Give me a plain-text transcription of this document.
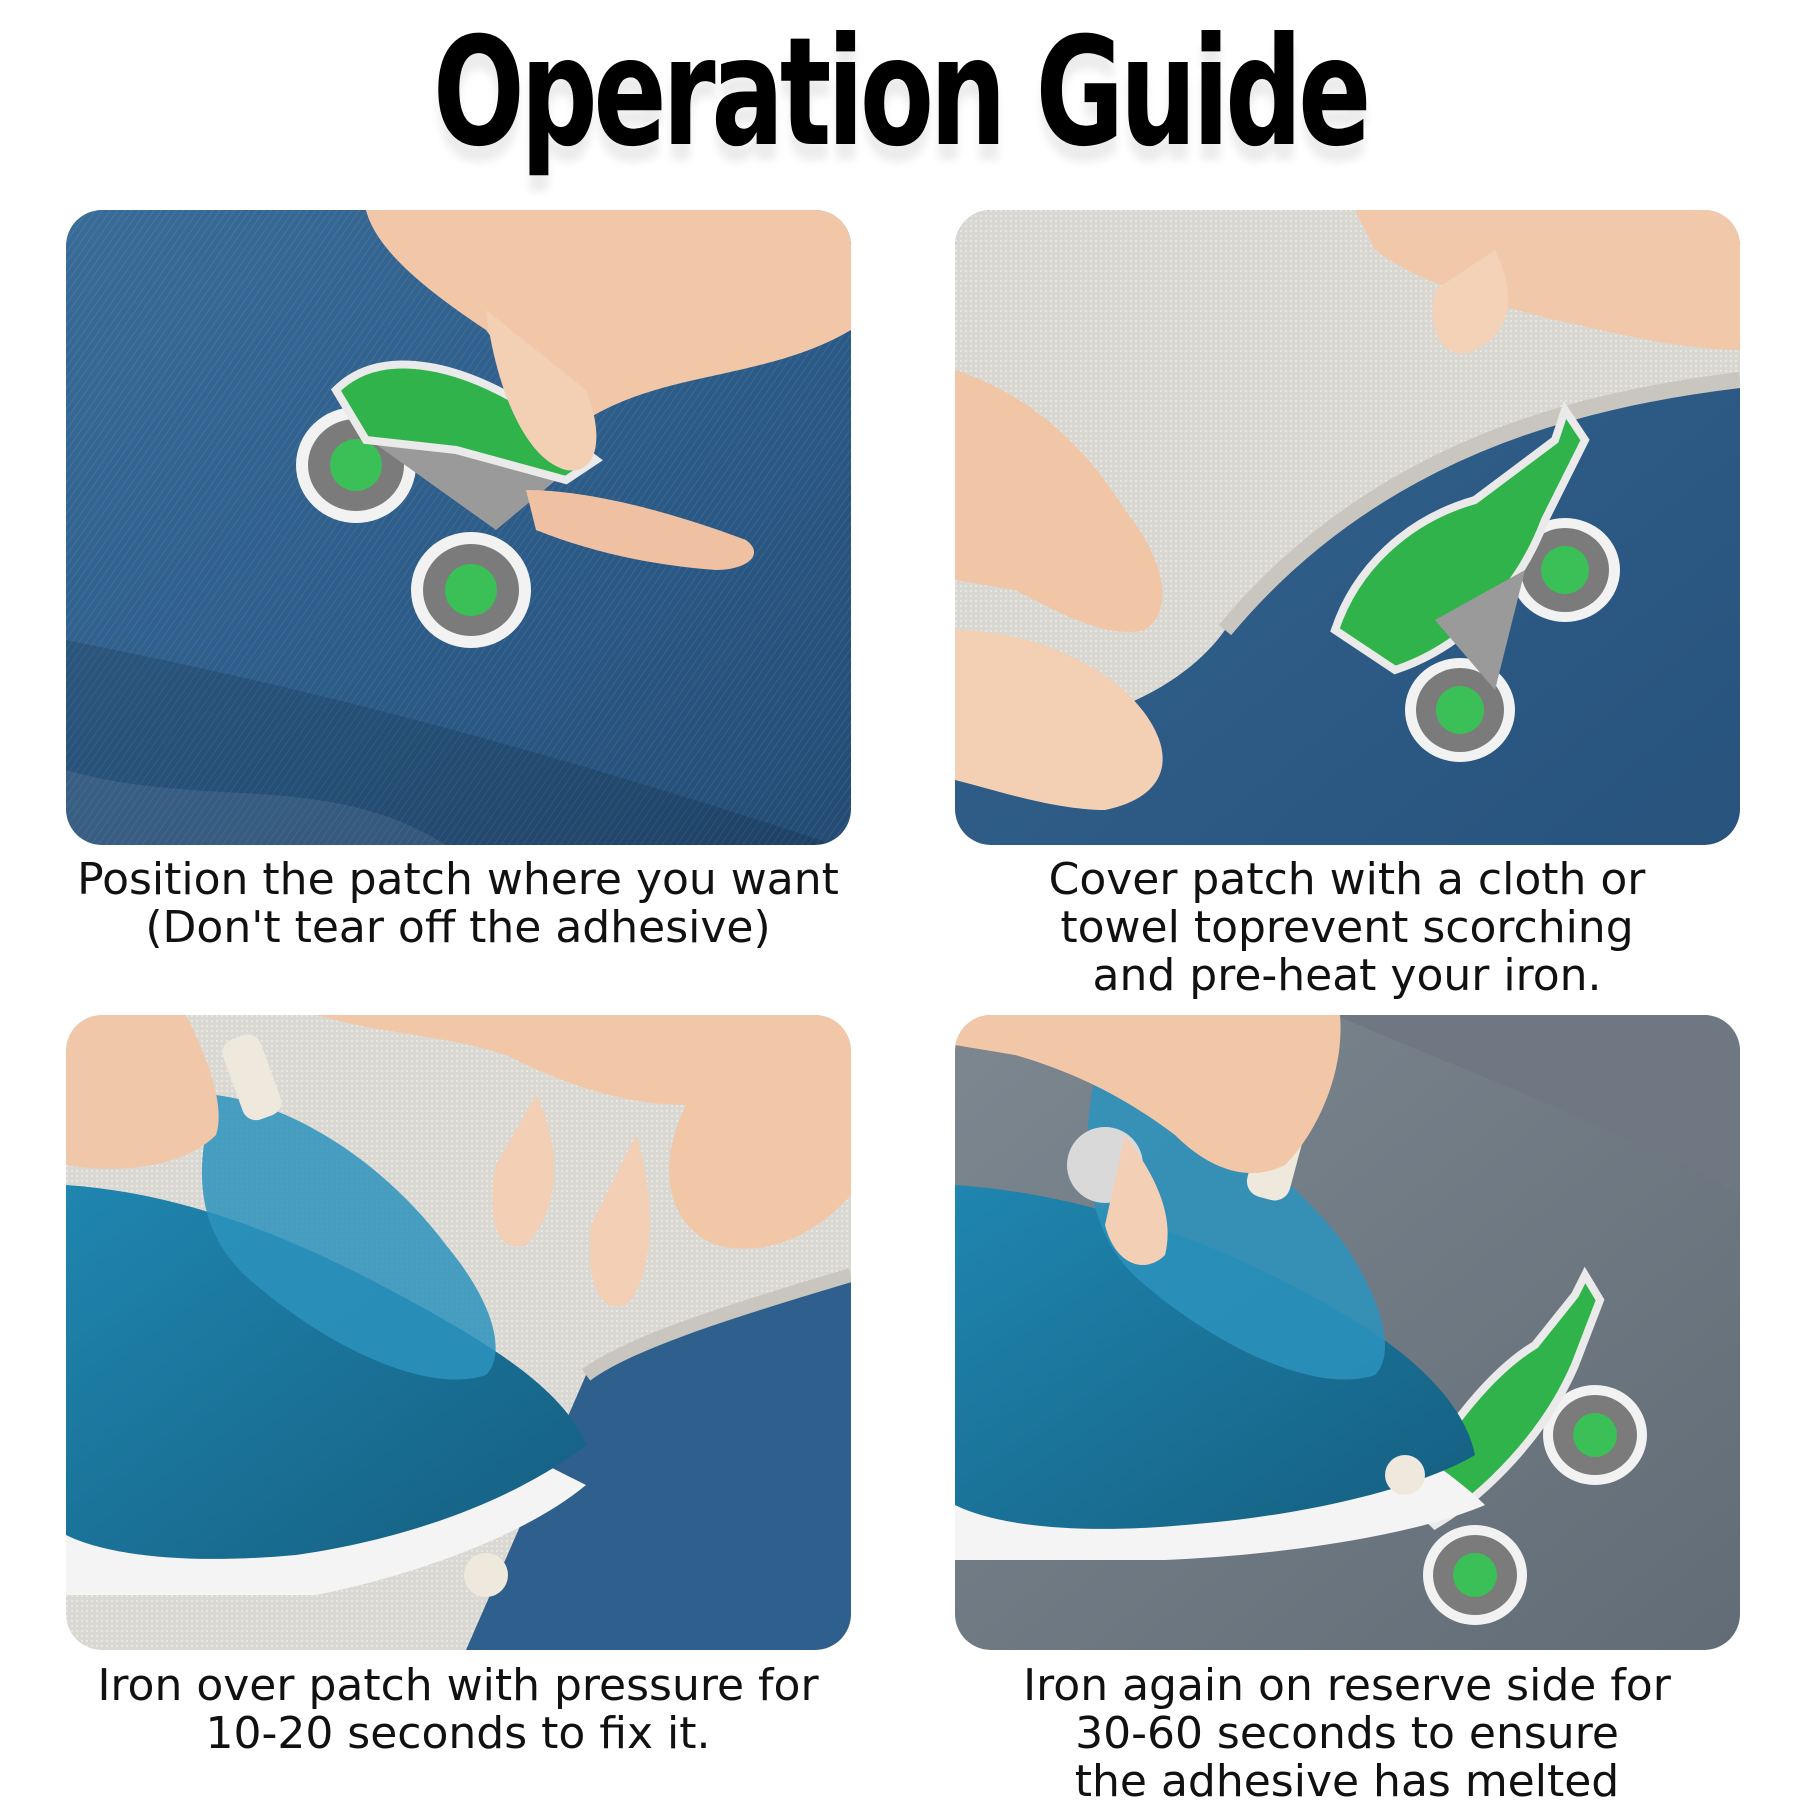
Operation Guide
Position the patch where you want
(Don't tear off the adhesive)
Cover patch with a cloth or
towel toprevent scorching
and pre-heat your iron.
Iron over patch with pressure for
10-20 seconds to fix it.
Iron again on reserve side for
30-60 seconds to ensure
the adhesive has melted
